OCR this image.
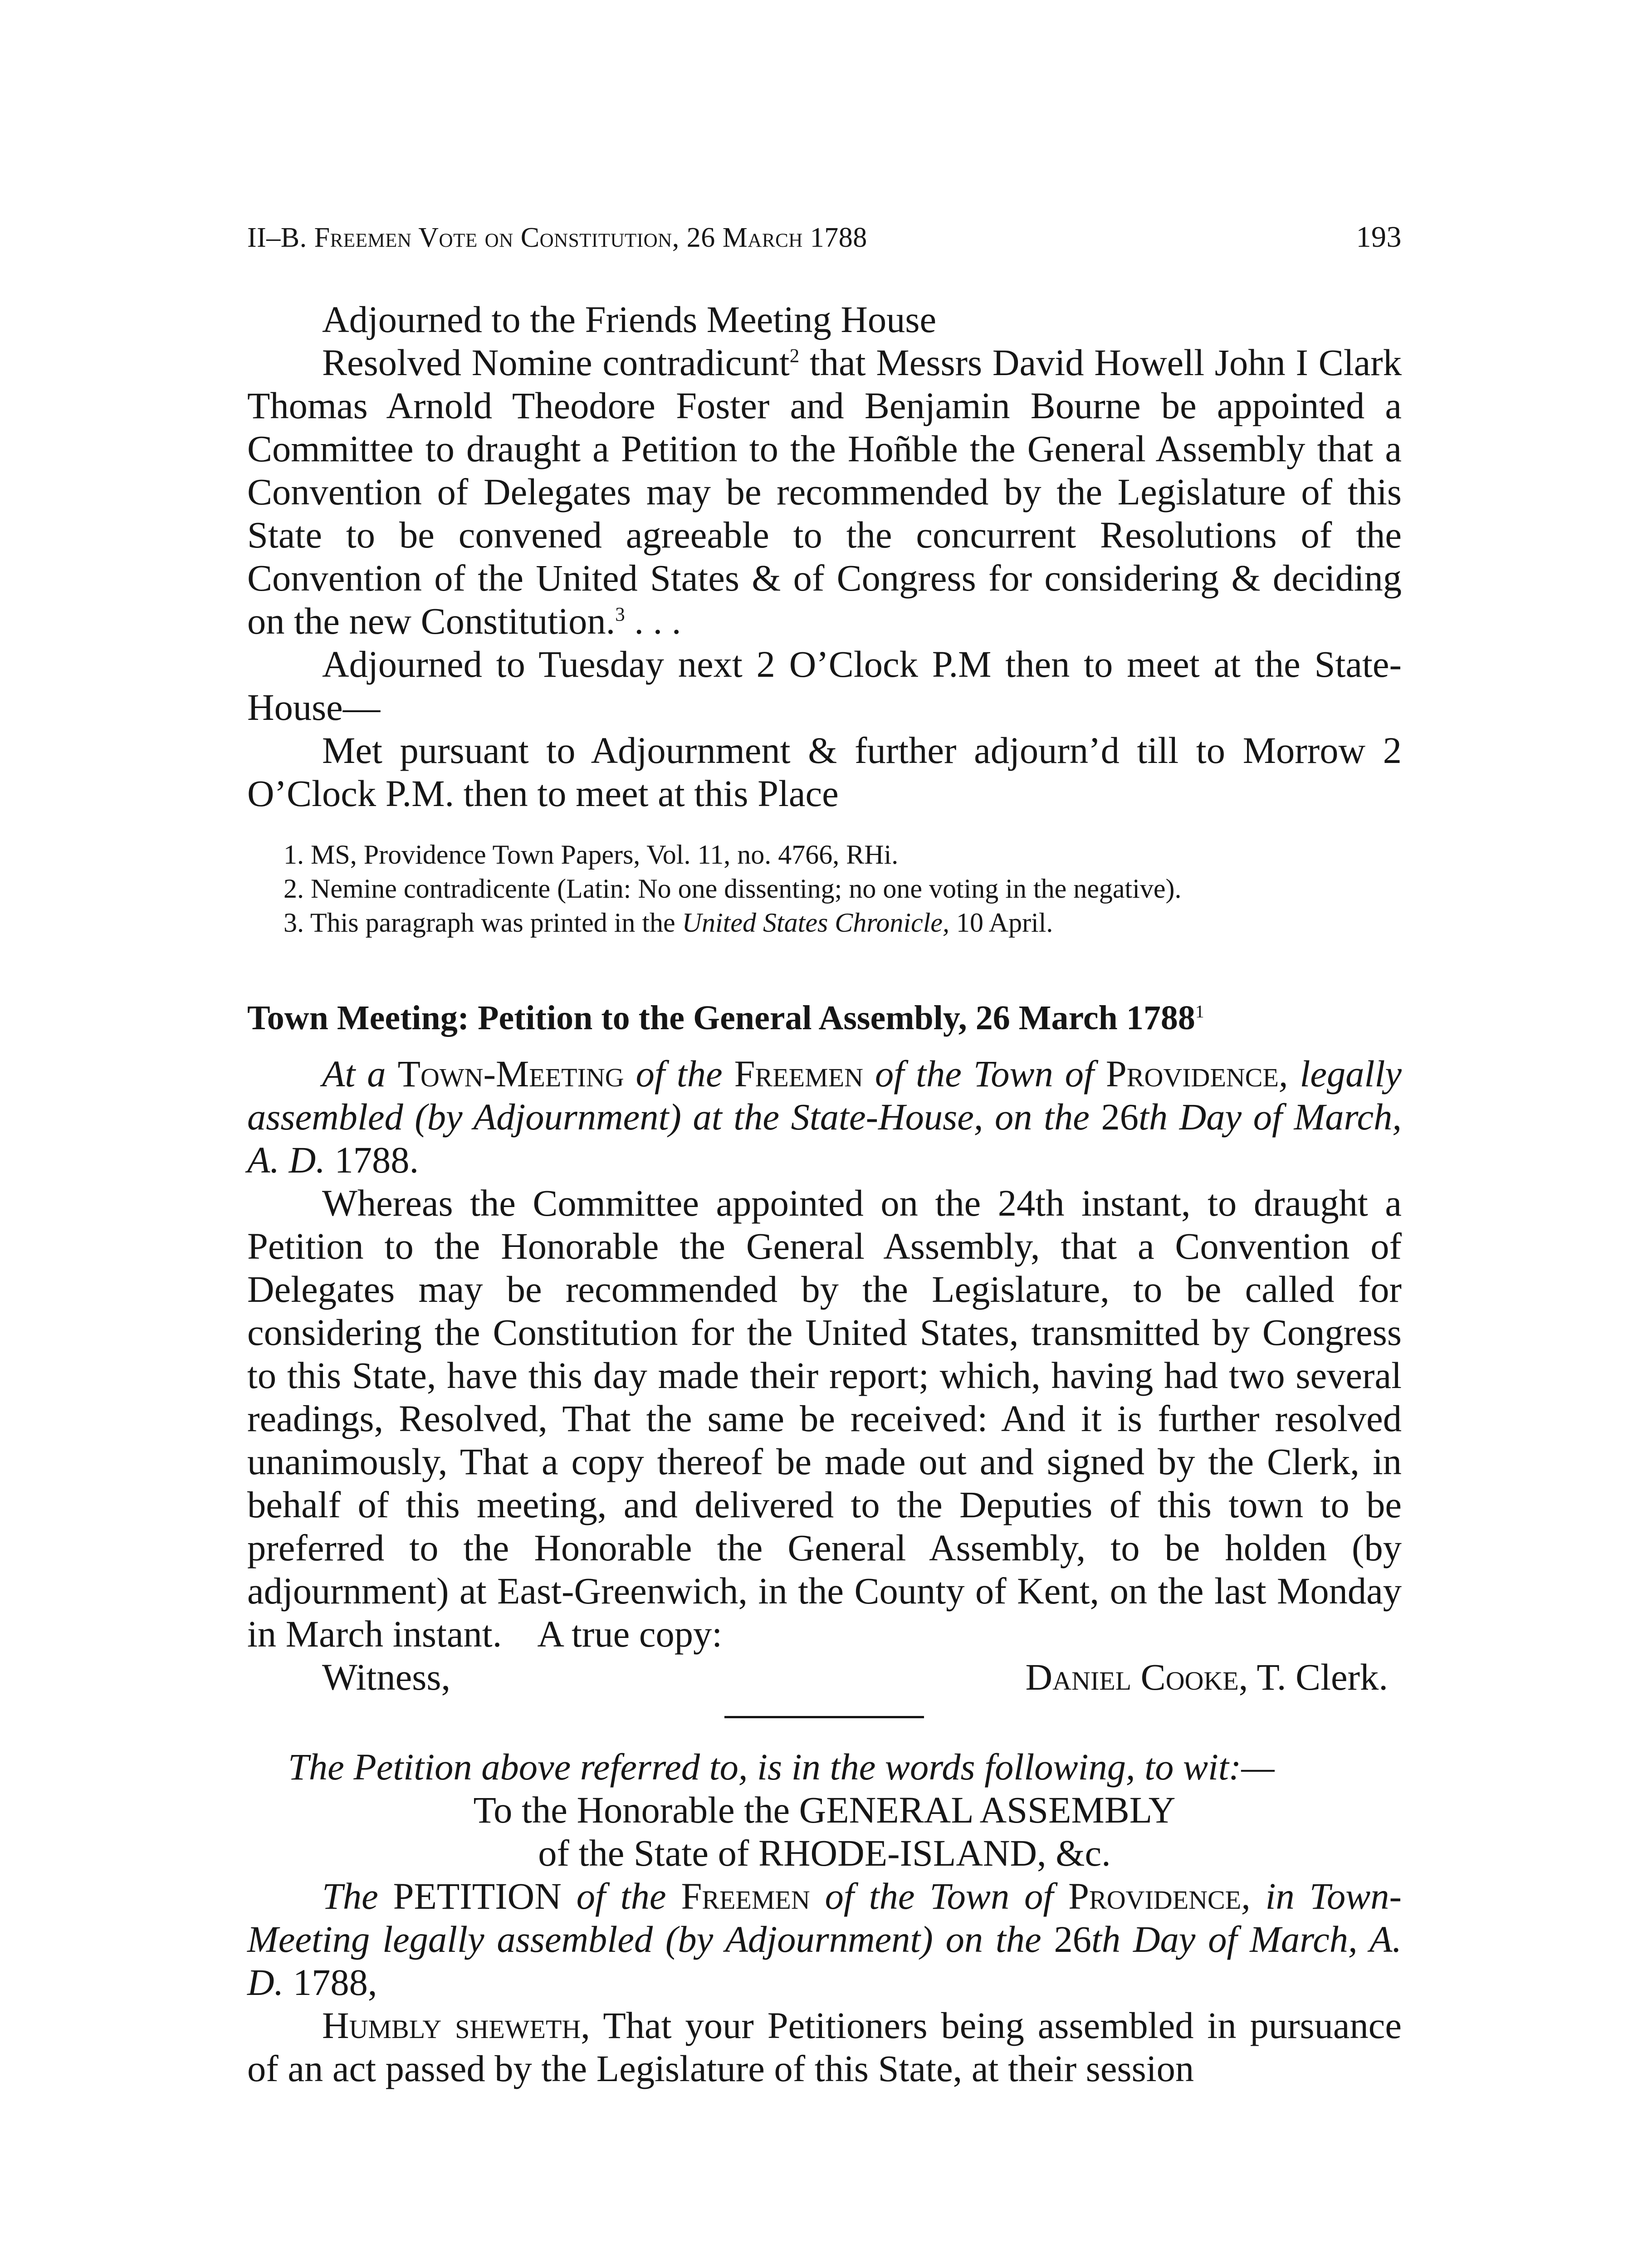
II–B. Freemen Vote on Constitution, 26 March 1788	193

Adjourned to the Friends Meeting House

Resolved Nomine contradicunt$^2$ that Messrs David Howell John I Clark Thomas Arnold Theodore Foster and Benjamin Bourne be appointed a Committee to draught a Petition to the Hoñble the General Assembly that a Convention of Delegates may be recommended by the Legislature of this State to be convened agreeable to the concurrent Resolutions of the Convention of the United States & of Congress for considering & deciding on the new Constitution.$^3$ . . .

Adjourned to Tuesday next 2 O’Clock P.M then to meet at the State-House—

Met pursuant to Adjournment & further adjourn’d till to Morrow 2 O’Clock P.M. then to meet at this Place

1. MS, Providence Town Papers, Vol. 11, no. 4766, RHi.

2. Nemine contradicente (Latin: No one dissenting; no one voting in the negative).

3. This paragraph was printed in the United States Chronicle, 10 April.

Town Meeting: Petition to the General Assembly, 26 March 1788$^1$

At a Town-Meeting of the Freemen of the Town of Providence, legally assembled (by Adjournment) at the State-House, on the 26th Day of March, A. D. 1788.

Whereas the Committee appointed on the 24th instant, to draught a Petition to the Honorable the General Assembly, that a Convention of Delegates may be recommended by the Legislature, to be called for considering the Constitution for the United States, transmitted by Congress to this State, have this day made their report; which, having had two several readings, Resolved, That the same be received: And it is further resolved unanimously, That a copy thereof be made out and signed by the Clerk, in behalf of this meeting, and delivered to the Deputies of this town to be preferred to the Honorable the General Assembly, to be holden (by adjournment) at East-Greenwich, in the County of Kent, on the last Monday in March instant. A true copy:

Witness,	Daniel Cooke, T. Clerk.

The Petition above referred to, is in the words following, to wit:—

To the Honorable the GENERAL ASSEMBLY

of the State of RHODE-ISLAND, &c.

The PETITION of the Freemen of the Town of Providence, in Town-Meeting legally assembled (by Adjournment) on the 26th Day of March, A. D. 1788,

Humbly sheweth, That your Petitioners being assembled in pursuance of an act passed by the Legislature of this State, at their session
